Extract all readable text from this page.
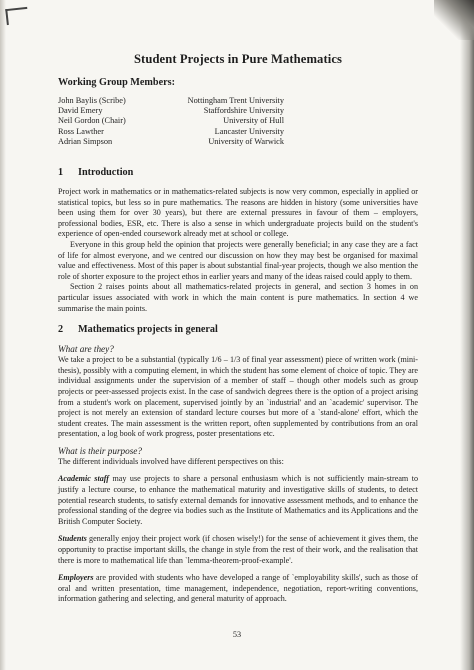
Student Projects in Pure Mathematics
Working Group Members:
John Baylis (Scribe)	Nottingham Trent University
David Emery	Staffordshire University
Neil Gordon (Chair)	University of Hull
Ross Lawther	Lancaster University
Adrian Simpson	University of Warwick
1 Introduction

Project work in mathematics or in mathematics-related subjects is now very common, especially in applied or statistical topics, but less so in pure mathematics. The reasons are hidden in history (some universities have been using them for over 30 years), but there are external pressures in favour of them – employers, professional bodies, ESR, etc. There is also a sense in which undergraduate projects build on the student's experience of open-ended coursework already met at school or college.

Everyone in this group held the opinion that projects were generally beneficial; in any case they are a fact of life for almost everyone, and we centred our discussion on how they may best be organised for maximal value and effectiveness. Most of this paper is about substantial final-year projects, though we also mention the role of shorter exposure to the project ethos in earlier years and many of the ideas raised could apply to them.

Section 2 raises points about all mathematics-related projects in general, and section 3 homes in on particular issues associated with work in which the main content is pure mathematics. In section 4 we summarise the main points.

2 Mathematics projects in general
What are they?

We take a project to be a substantial (typically 1/6 – 1/3 of final year assessment) piece of written work (mini-thesis), possibly with a computing element, in which the student has some element of choice of topic. They are individual assignments under the supervision of a member of staff – though other models such as group projects or peer-assessed projects exist. In the case of sandwich degrees there is the option of a project arising from a student's work on placement, supervised jointly by an `industrial' and an `academic' supervisor. The project is not merely an extension of standard lecture courses but more of a `stand-alone' effort, which the student creates. The main assessment is the written report, often supplemented by contributions from an oral presentation, a log book of work progress, poster presentations etc.

What is their purpose?

The different individuals involved have different perspectives on this:

Academic staff may use projects to share a personal enthusiasm which is not sufficiently main-stream to justify a lecture course, to enhance the mathematical maturity and investigative skills of students, to detect potential research students, to satisfy external demands for innovative assessment methods, and to enhance the professional standing of the degree via bodies such as the Institute of Mathematics and its Applications and the British Computer Society.

Students generally enjoy their project work (if chosen wisely!) for the sense of achievement it gives them, the opportunity to practise important skills, the change in style from the rest of their work, and the realisation that there is more to mathematical life than `lemma-theorem-proof-example'.

Employers are provided with students who have developed a range of `employability skills', such as those of oral and written presentation, time management, independence, negotiation, report-writing conventions, information gathering and selecting, and general maturity of approach.

53
